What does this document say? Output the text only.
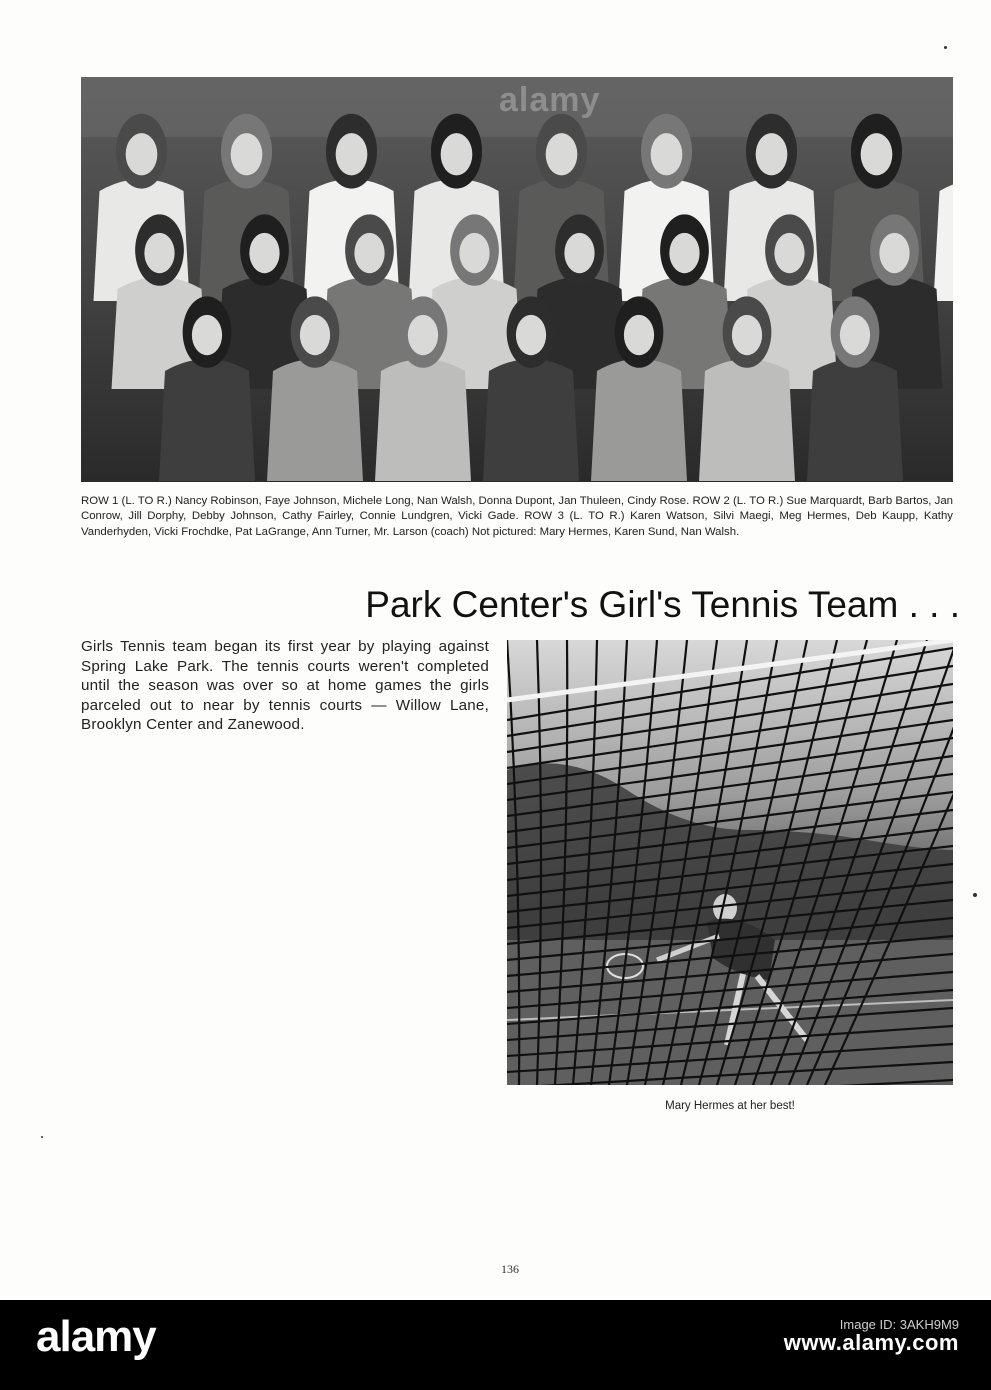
alamy
ROW 1 (L. TO R.) Nancy Robinson, Faye Johnson, Michele Long, Nan Walsh, Donna Dupont, Jan Thuleen, Cindy Rose. ROW 2 (L. TO R.) Sue Marquardt, Barb Bartos, Jan Conrow, Jill Dorphy, Debby Johnson, Cathy Fairley, Connie Lundgren, Vicki Gade. ROW 3 (L. TO R.) Karen Watson, Silvi Maegi, Meg Hermes, Deb Kaupp, Kathy Vanderhyden, Vicki Frochdke, Pat LaGrange, Ann Turner, Mr. Larson (coach) Not pictured: Mary Hermes, Karen Sund, Nan Walsh.
Park Center's Girl's Tennis Team . . .
Girls Tennis team began its first year by playing against Spring Lake Park. The tennis courts weren't completed until the season was over so at home games the girls parceled out to near by tennis courts — Willow Lane, Brooklyn Center and Zanewood.
Mary Hermes at her best!
136
alamy	Image ID: 3AKH9M9
www.alamy.com
